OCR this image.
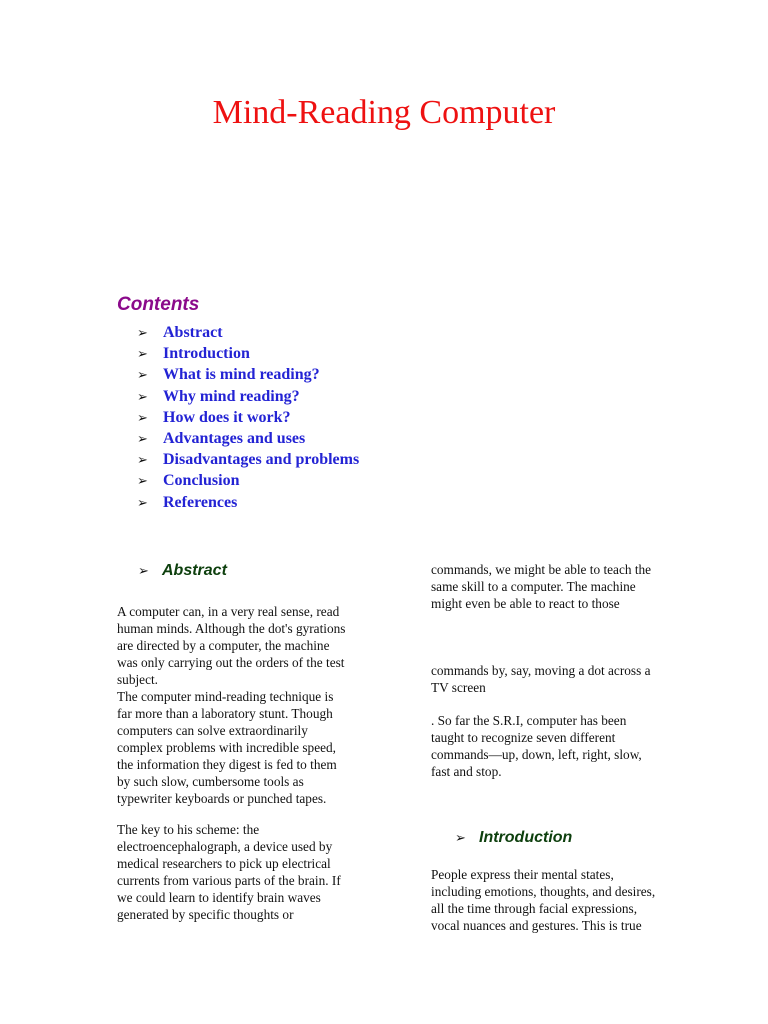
Mind-Reading Computer
Contents
➢ Abstract
➢ Introduction
➢ What is mind reading?
➢ Why mind reading?
➢ How does it work?
➢ Advantages and uses
➢ Disadvantages and problems
➢ Conclusion
➢ References
➢ Abstract

A computer can, in a very real sense, read
human minds. Although the dot's gyrations
are directed by a computer, the machine
was only carrying out the orders of the test
subject.
The computer mind-reading technique is
far more than a laboratory stunt. Though
computers can solve extraordinarily
complex problems with incredible speed,
the information they digest is fed to them
by such slow, cumbersome tools as
typewriter keyboards or punched tapes.

The key to his scheme: the
electroencephalograph, a device used by
medical researchers to pick up electrical
currents from various parts of the brain. If
we could learn to identify brain waves
generated by specific thoughts or

commands, we might be able to teach the
same skill to a computer. The machine
might even be able to react to those

commands by, say, moving a dot across a
TV screen

. So far the S.R.I, computer has been
taught to recognize seven different
commands—up, down, left, right, slow,
fast and stop.

➢ Introduction

People express their mental states,
including emotions, thoughts, and desires,
all the time through facial expressions,
vocal nuances and gestures. This is true
